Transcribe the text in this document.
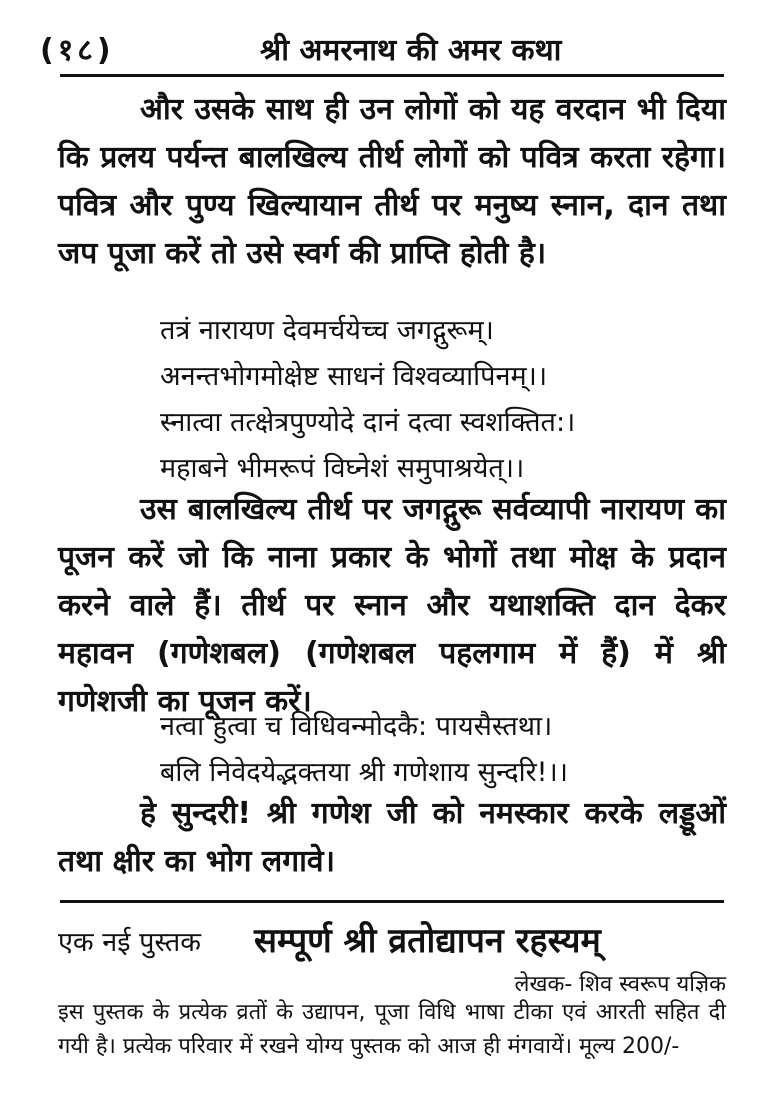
(१८)	श्री अमरनाथ की अमर कथा

और उसके साथ ही उन लोगों को यह वरदान भी दिया कि प्रलय पर्यन्त बालखिल्य तीर्थ लोगों को पवित्र करता रहेगा। पवित्र और पुण्य खिल्यायान तीर्थ पर मनुष्य स्नान, दान तथा जप पूजा करें तो उसे स्वर्ग की प्राप्ति होती है।

तत्रं नारायण देवमर्चयेच्च जगद्गुरूम्।
अनन्तभोगमोक्षेष्ट साधनं विश्वव्यापिनम्।।
स्नात्वा तत्क्षेत्रपुण्योदे दानं दत्वा स्वशक्तित:।
महाबने भीमरूपं विघ्नेशं समुपाश्रयेत्।।

उस बालखिल्य तीर्थ पर जगद्गुरू सर्वव्यापी नारायण का पूजन करें जो कि नाना प्रकार के भोगों तथा मोक्ष के प्रदान करने वाले हैं। तीर्थ पर स्नान और यथाशक्ति दान देकर महावन (गणेशबल) (गणेशबल पहलगाम में हैं) में श्री गणेशजी का पूजन करें।

नत्वा हुत्वा च विधिवन्मोदकै: पायसैस्तथा।
बलि निवेदयेद्भक्तया श्री गणेशाय सुन्दरि!।।

हे सुन्दरी! श्री गणेश जी को नमस्कार करके लड्डूओं तथा क्षीर का भोग लगावे।

एक नई पुस्तक सम्पूर्ण श्री व्रतोद्यापन रहस्यम्
लेखक- शिव स्वरूप यज्ञिक

इस पुस्तक के प्रत्येक व्रतों के उद्यापन, पूजा विधि भाषा टीका एवं आरती सहित दी गयी है। प्रत्येक परिवार में रखने योग्य पुस्तक को आज ही मंगवायें। मूल्य 200/-
